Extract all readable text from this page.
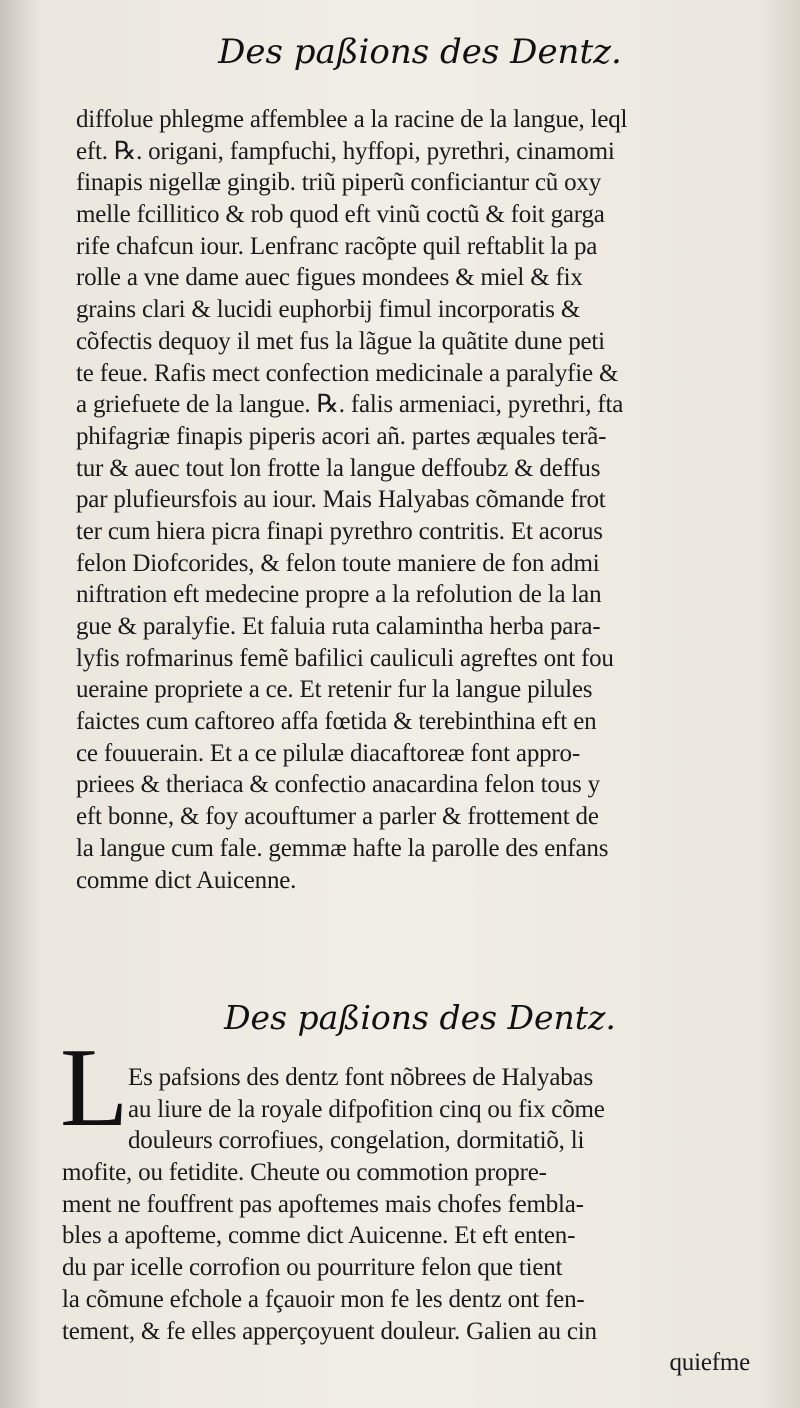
Des paßions des Dentz.
diffolue phlegme affemblee a la racine de la langue, leql
eft. ℞. origani, fampfuchi, hyffopi, pyrethri, cinamomi
finapis nigellæ gingib. triũ piperũ conficiantur cũ oxy
melle fcillitico & rob quod eft vinũ coctũ & foit garga
rife chafcun iour. Lenfranc racõpte quil reftablit la pa
rolle a vne dame auec figues mondees & miel & fix
grains clari & lucidi euphorbij fimul incorporatis &
cõfectis dequoy il met fus la lãgue la quãtite dune peti
te feue. Rafis mect confection medicinale a paralyfie &
a griefuete de la langue. ℞. falis armeniaci, pyrethri, fta
phifagriæ finapis piperis acori añ. partes æquales terã-
tur & auec tout lon frotte la langue deffoubz & deffus
par plufieursfois au iour. Mais Halyabas cõmande frot
ter cum hiera picra finapi pyrethro contritis. Et acorus
felon Diofcorides, & felon toute maniere de fon admi
niftration eft medecine propre a la refolution de la lan
gue & paralyfie. Et faluia ruta calamintha herba para-
lyfis rofmarinus femẽ bafilici cauliculi agreftes ont fou
ueraine propriete a ce. Et retenir fur la langue pilules
faictes cum caftoreo affa fœtida & terebinthina eft en
ce fouuerain. Et a ce pilulæ diacaftoreæ font appro-
priees & theriaca & confectio anacardina felon tous y
eft bonne, & foy acouftumer a parler & frottement de
la langue cum fale. gemmæ hafte la parolle des enfans
comme dict Auicenne.
Des paßions des Dentz.
L Es pafsions des dentz font nõbrees de Halyabas
au liure de la royale difpofition cinq ou fix cõme
douleurs corrofiues, congelation, dormitatiõ, li
mofite, ou fetidite. Cheute ou commotion propre-
ment ne fouffrent pas apoftemes mais chofes fembla-
bles a apofteme, comme dict Auicenne. Et eft enten-
du par icelle corrofion ou pourriture felon que tient
la cõmune efchole a fçauoir mon fe les dentz ont fen-
tement, & fe elles apperçoyuent douleur. Galien au cin
quiefme
